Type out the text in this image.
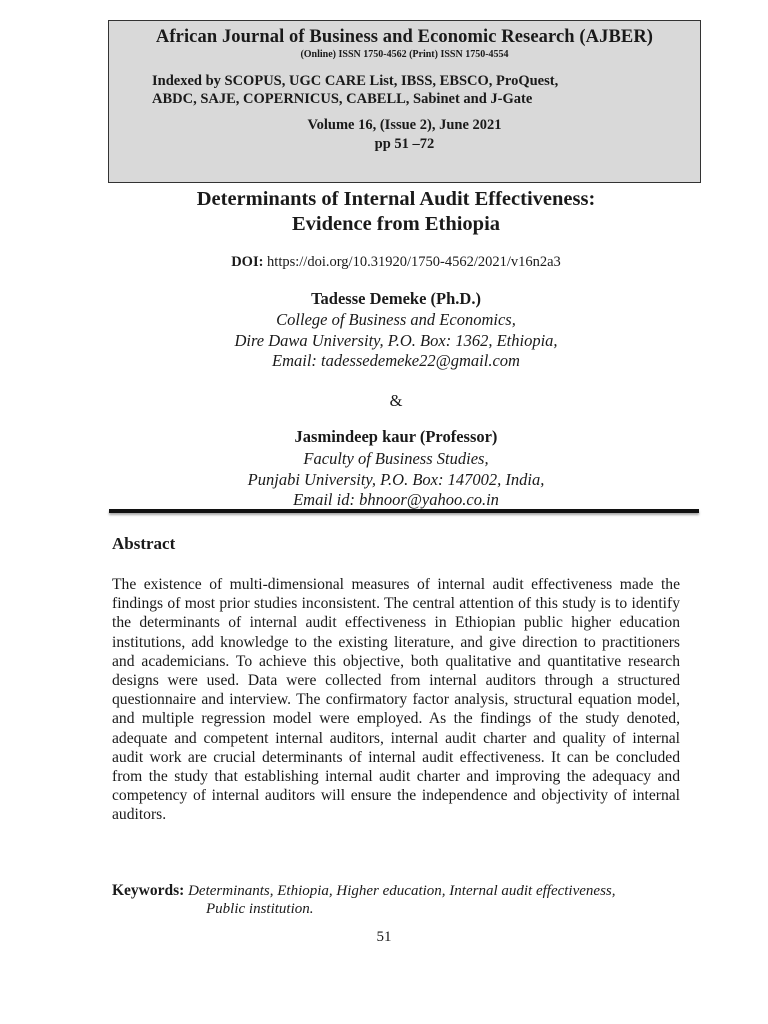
African Journal of Business and Economic Research (AJBER)
(Online) ISSN 1750-4562 (Print) ISSN 1750-4554
Indexed by SCOPUS, UGC CARE List, IBSS, EBSCO, ProQuest,
ABDC, SAJE, COPERNICUS, CABELL, Sabinet and J-Gate
Volume 16, (Issue 2), June 2021
pp 51 –72
Determinants of Internal Audit Effectiveness:
Evidence from Ethiopia
DOI: https://doi.org/10.31920/1750-4562/2021/v16n2a3
Tadesse Demeke (Ph.D.)
College of Business and Economics,
Dire Dawa University, P.O. Box: 1362, Ethiopia,
Email: tadessedemeke22@gmail.com
&
Jasmindeep kaur (Professor)
Faculty of Business Studies,
Punjabi University, P.O. Box: 147002, India,
Email id: bhnoor@yahoo.co.in
Abstract
The existence of multi-dimensional measures of internal audit effectiveness made the findings of most prior studies inconsistent. The central attention of this study is to identify the determinants of internal audit effectiveness in Ethiopian public higher education institutions, add knowledge to the existing literature, and give direction to practitioners and academicians. To achieve this objective, both qualitative and quantitative research designs were used. Data were collected from internal auditors through a structured questionnaire and interview. The confirmatory factor analysis, structural equation model, and multiple regression model were employed. As the findings of the study denoted, adequate and competent internal auditors, internal audit charter and quality of internal audit work are crucial determinants of internal audit effectiveness. It can be concluded from the study that establishing internal audit charter and improving the adequacy and competency of internal auditors will ensure the independence and objectivity of internal auditors.
Keywords: Determinants, Ethiopia, Higher education, Internal audit effectiveness,
Public institution.
51
